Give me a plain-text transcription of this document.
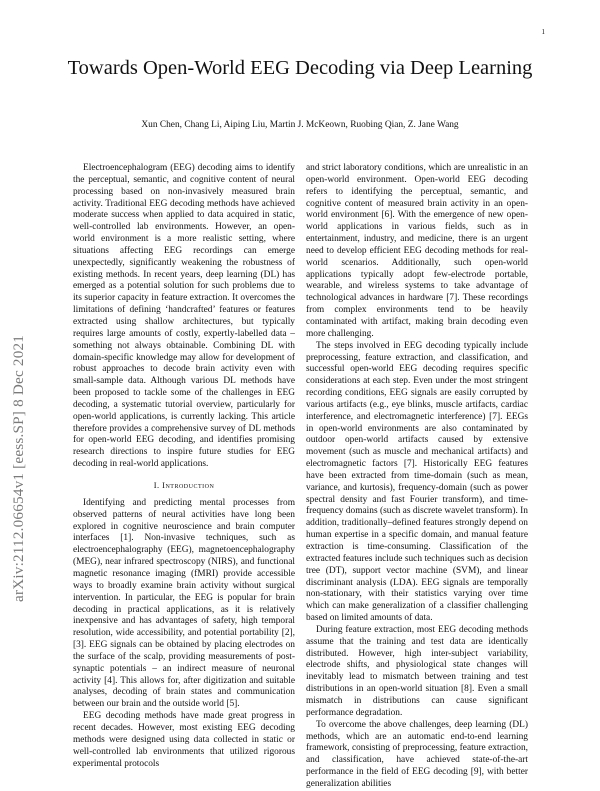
1
arXiv:2112.06654v1 [eess.SP] 8 Dec 2021
Towards Open-World EEG Decoding via Deep Learning
Xun Chen, Chang Li, Aiping Liu, Martin J. McKeown, Ruobing Qian, Z. Jane Wang

Electroencephalogram (EEG) decoding aims to identify the perceptual, semantic, and cognitive content of neural processing based on non-invasively measured brain activity. Traditional EEG decoding methods have achieved moderate success when applied to data acquired in static, well-controlled lab environments. However, an open-world environment is a more realistic setting, where situations affecting EEG recordings can emerge unexpectedly, significantly weakening the robustness of existing methods. In recent years, deep learning (DL) has emerged as a potential solution for such problems due to its superior capacity in feature extraction. It overcomes the limitations of defining ‘handcrafted’ features or features extracted using shallow architectures, but typically requires large amounts of costly, expertly-labelled data – something not always obtainable. Combining DL with domain-specific knowledge may allow for development of robust approaches to decode brain activity even with small-sample data. Although various DL methods have been proposed to tackle some of the challenges in EEG decoding, a systematic tutorial overview, particularly for open-world applications, is currently lacking. This article therefore provides a comprehensive survey of DL methods for open-world EEG decoding, and identifies promising research directions to inspire future studies for EEG decoding in real-world applications.

I. Introduction

Identifying and predicting mental processes from observed patterns of neural activities have long been explored in cognitive neuroscience and brain computer interfaces [1]. Non-invasive techniques, such as electroencephalography (EEG), magnetoencephalography (MEG), near infrared spectroscopy (NIRS), and functional magnetic resonance imaging (fMRI) provide accessible ways to broadly examine brain activity without surgical intervention. In particular, the EEG is popular for brain decoding in practical applications, as it is relatively inexpensive and has advantages of safety, high temporal resolution, wide accessibility, and potential portability [2], [3]. EEG signals can be obtained by placing electrodes on the surface of the scalp, providing measurements of post-synaptic potentials – an indirect measure of neuronal activity [4]. This allows for, after digitization and suitable analyses, decoding of brain states and communication between our brain and the outside world [5].

EEG decoding methods have made great progress in recent decades. However, most existing EEG decoding methods were designed using data collected in static or well-controlled lab environments that utilized rigorous experimental protocols

and strict laboratory conditions, which are unrealistic in an open-world environment. Open-world EEG decoding refers to identifying the perceptual, semantic, and cognitive content of measured brain activity in an open-world environment [6]. With the emergence of new open-world applications in various fields, such as in entertainment, industry, and medicine, there is an urgent need to develop efficient EEG decoding methods for real-world scenarios. Additionally, such open-world applications typically adopt few-electrode portable, wearable, and wireless systems to take advantage of technological advances in hardware [7]. These recordings from complex environments tend to be heavily contaminated with artifact, making brain decoding even more challenging.

The steps involved in EEG decoding typically include preprocessing, feature extraction, and classification, and successful open-world EEG decoding requires specific considerations at each step. Even under the most stringent recording conditions, EEG signals are easily corrupted by various artifacts (e.g., eye blinks, muscle artifacts, cardiac interference, and electromagnetic interference) [7]. EEGs in open-world environments are also contaminated by outdoor open-world artifacts caused by extensive movement (such as muscle and mechanical artifacts) and electromagnetic factors [7]. Historically EEG features have been extracted from time-domain (such as mean, variance, and kurtosis), frequency-domain (such as power spectral density and fast Fourier transform), and time-frequency domains (such as discrete wavelet transform). In addition, traditionally–defined features strongly depend on human expertise in a specific domain, and manual feature extraction is time-consuming. Classification of the extracted features include such techniques such as decision tree (DT), support vector machine (SVM), and linear discriminant analysis (LDA). EEG signals are temporally non-stationary, with their statistics varying over time which can make generalization of a classifier challenging based on limited amounts of data.

During feature extraction, most EEG decoding methods assume that the training and test data are identically distributed. However, high inter-subject variability, electrode shifts, and physiological state changes will inevitably lead to mismatch between training and test distributions in an open-world situation [8]. Even a small mismatch in distributions can cause significant performance degradation.

To overcome the above challenges, deep learning (DL) methods, which are an automatic end-to-end learning framework, consisting of preprocessing, feature extraction, and classification, have achieved state-of-the-art performance in the field of EEG decoding [9], with better generalization abilities
